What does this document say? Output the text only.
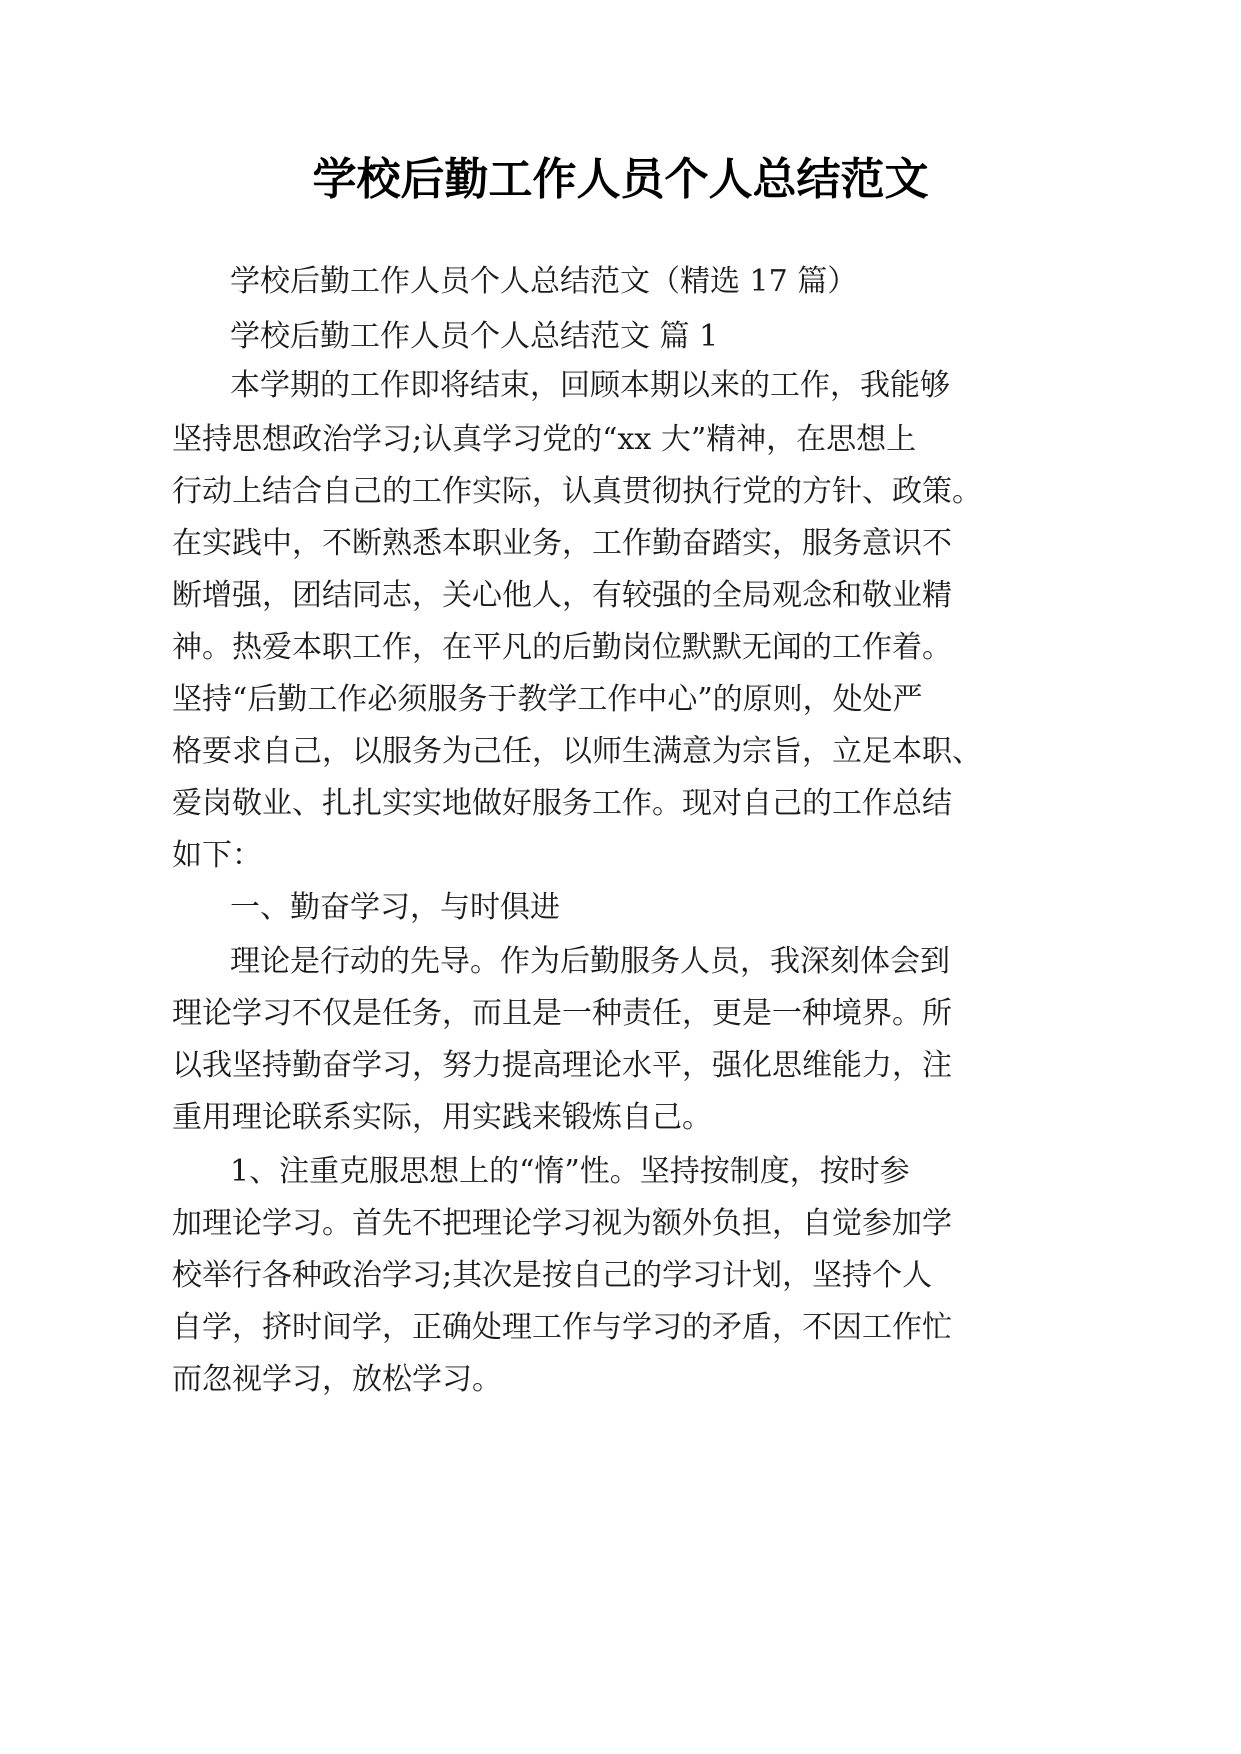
学校后勤工作人员个人总结范文
学校后勤工作人员个人总结范文（精选 17 篇）
学校后勤工作人员个人总结范文 篇 1
本学期的工作即将结束，回顾本期以来的工作，我能够
坚持思想政治学习;认真学习党的“xx 大”精神，在思想上
行动上结合自己的工作实际，认真贯彻执行党的方针、政策。
在实践中，不断熟悉本职业务，工作勤奋踏实，服务意识不
断增强，团结同志，关心他人，有较强的全局观念和敬业精
神。热爱本职工作，在平凡的后勤岗位默默无闻的工作着。
坚持“后勤工作必须服务于教学工作中心”的原则，处处严
格要求自己，以服务为己任，以师生满意为宗旨，立足本职、
爱岗敬业、扎扎实实地做好服务工作。现对自己的工作总结
如下：
一、勤奋学习，与时俱进
理论是行动的先导。作为后勤服务人员，我深刻体会到
理论学习不仅是任务，而且是一种责任，更是一种境界。所
以我坚持勤奋学习，努力提高理论水平，强化思维能力，注
重用理论联系实际，用实践来锻炼自己。
1、注重克服思想上的“惰”性。坚持按制度，按时参
加理论学习。首先不把理论学习视为额外负担，自觉参加学
校举行各种政治学习;其次是按自己的学习计划，坚持个人
自学，挤时间学，正确处理工作与学习的矛盾，不因工作忙
而忽视学习，放松学习。
